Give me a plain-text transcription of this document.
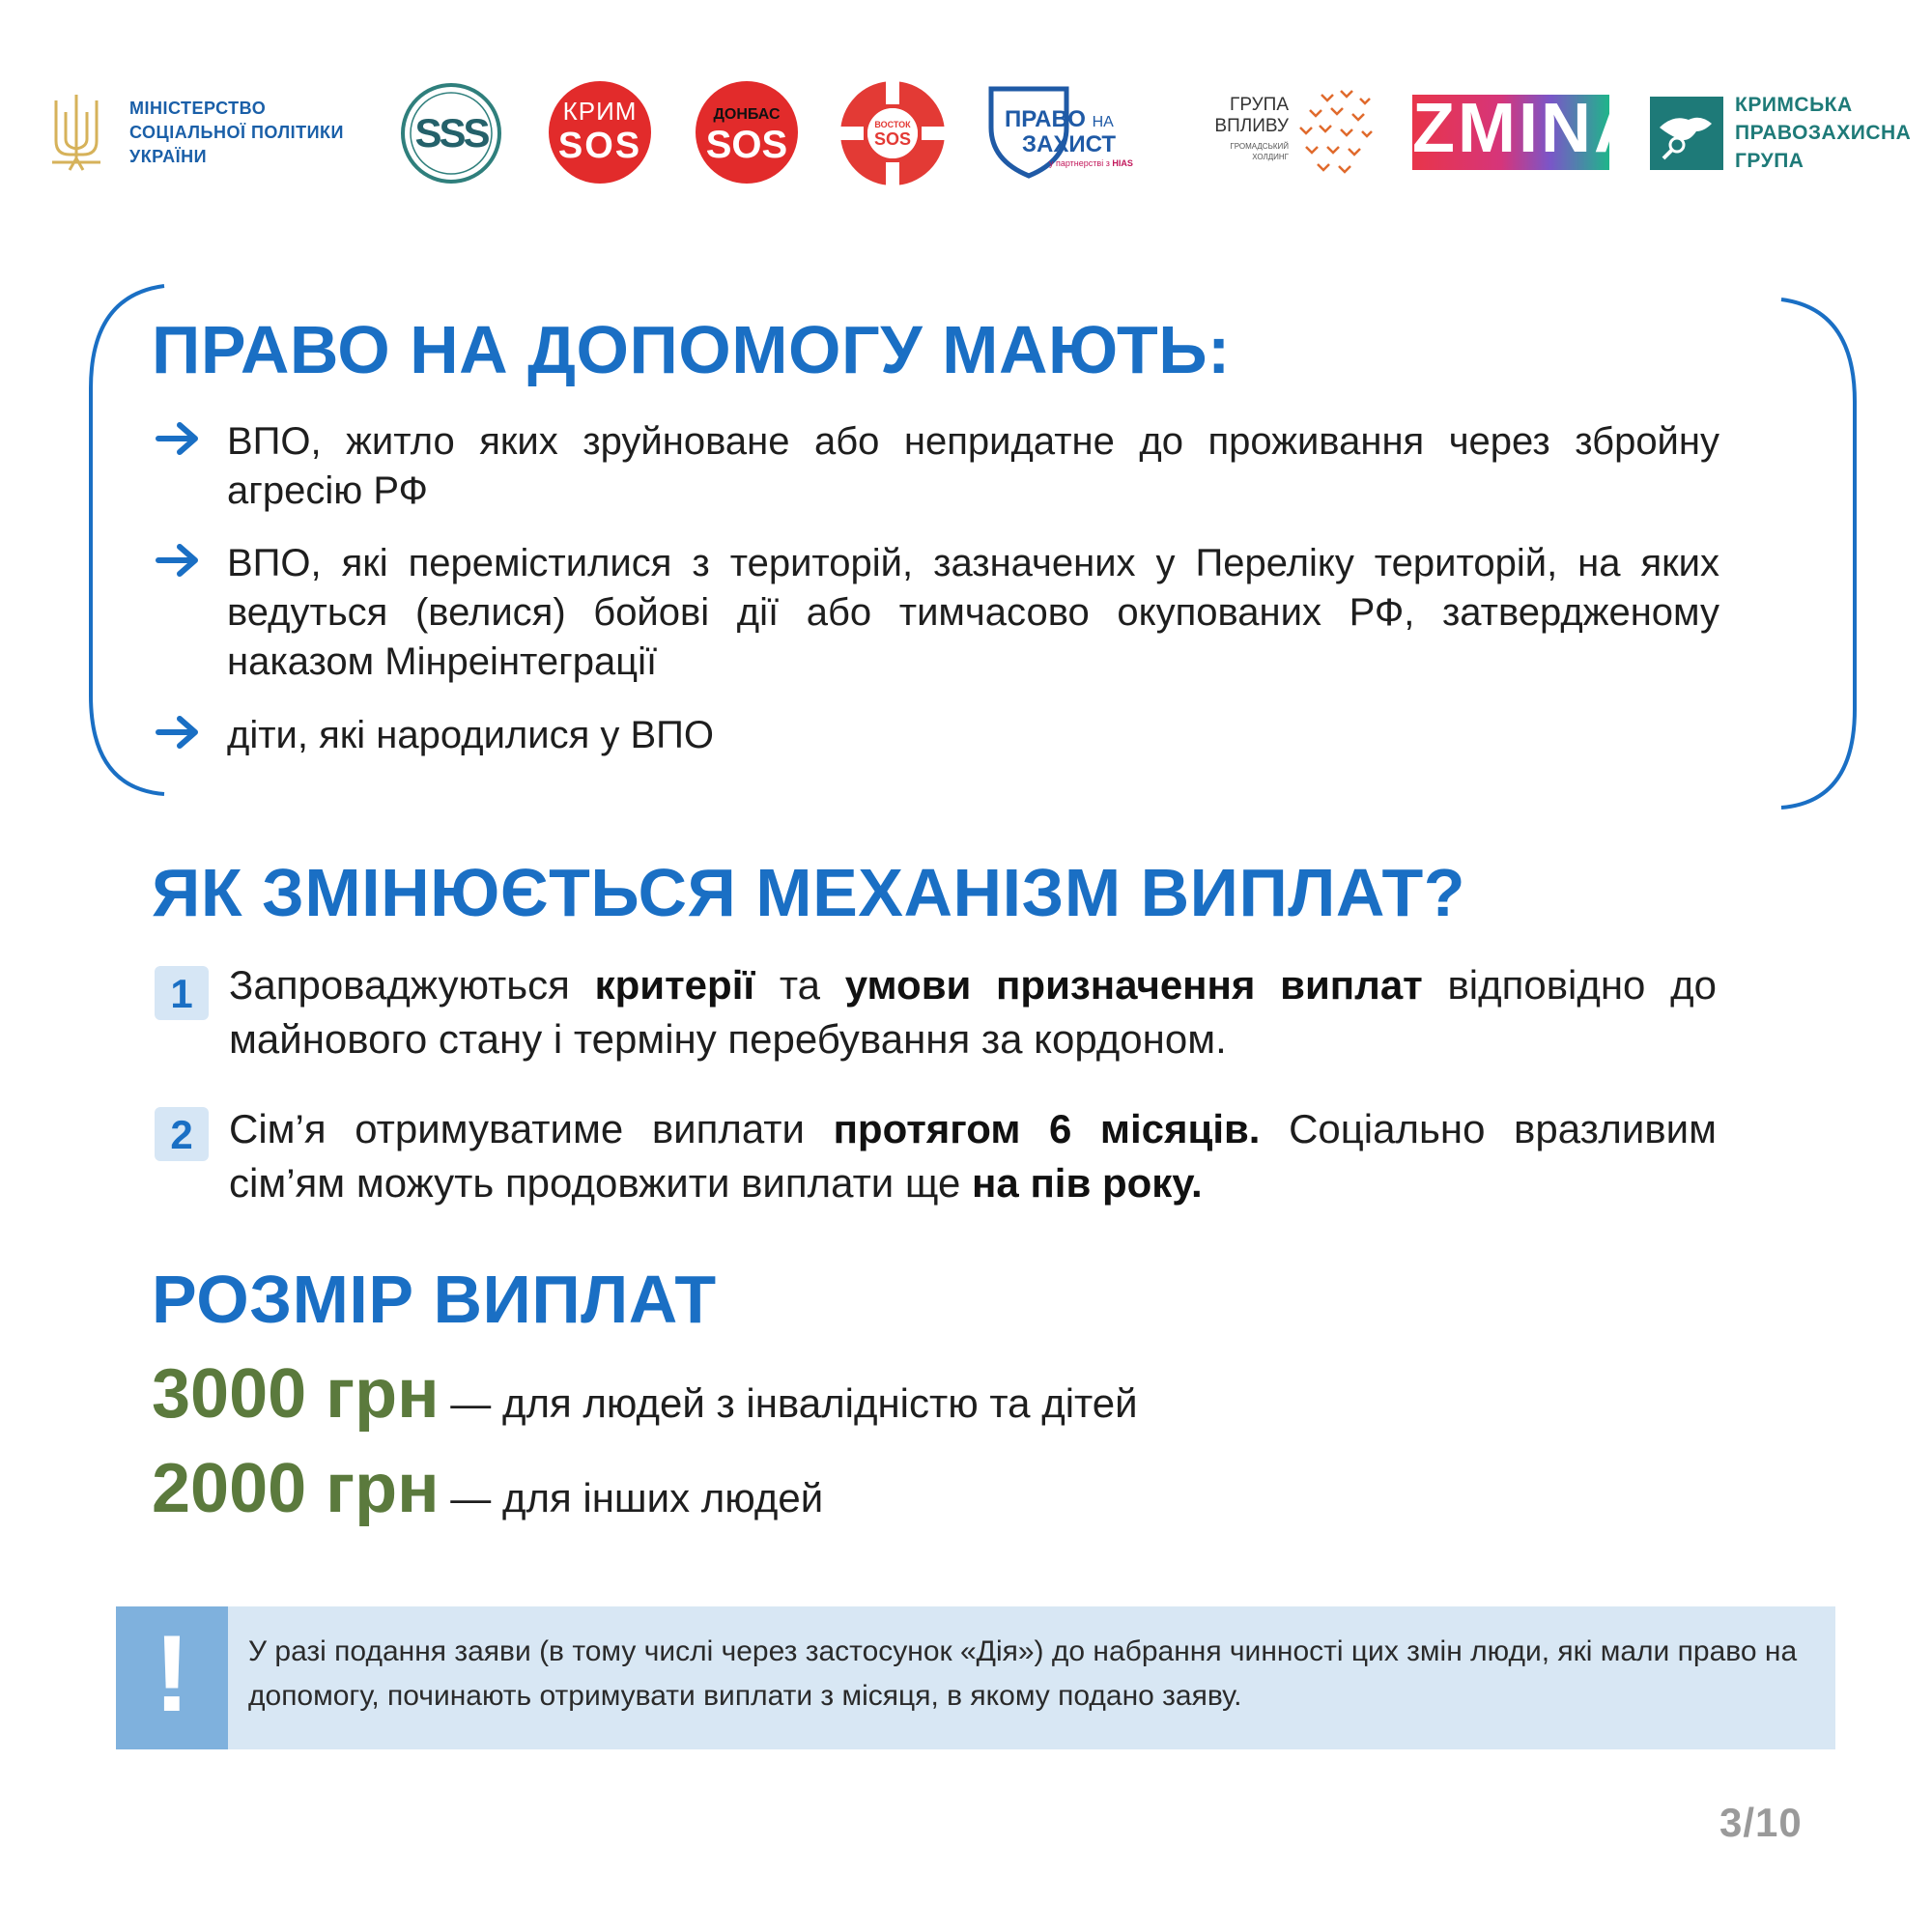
МІНІСТЕРСТВО
СОЦІАЛЬНОЇ ПОЛІТИКИ
УКРАЇНИ
SSS	КРИМ
SOS
ДОНБАС
SOS	ВОСТОК
SOS
ПРАВО НА
ЗАХИСТ
у партнерстві з HIAS
ГРУПА
ВПЛИВУ
ГРОМАДСЬКИЙ
ХОЛДИНГ ZMINA	КРИМСЬКА
ПРАВОЗАХИСНА
ГРУПА
ПРАВО НА ДОПОМОГУ МАЮТЬ:
ВПО, житло яких зруйноване або непридатне до проживання через збройну агресію РФ
ВПО, які перемістилися з територій, зазначених у Переліку територій, на яких ведуться (велися) бойові дії або тимчасово окупованих РФ, затвердженому наказом Мінреінтеграції
діти, які народилися у ВПО
ЯК ЗМІНЮЄТЬСЯ МЕХАНІЗМ ВИПЛАТ?
1 Запроваджуються критерії та умови призначення виплат відповідно до майнового стану і терміну перебування за кордоном.
2 Сім’я отримуватиме виплати протягом 6 місяців. Соціально вразливим сім’ям можуть продовжити виплати ще на пів року.
РОЗМІР ВИПЛАТ
3000 грн — для людей з інвалідністю та дітей
2000 грн — для інших людей
!	У разі подання заяви (в тому числі через застосунок «Дія») до набрання чинності цих змін люди, які мали право на допомогу, починають отримувати виплати з місяця, в якому подано заяву.
3/10
